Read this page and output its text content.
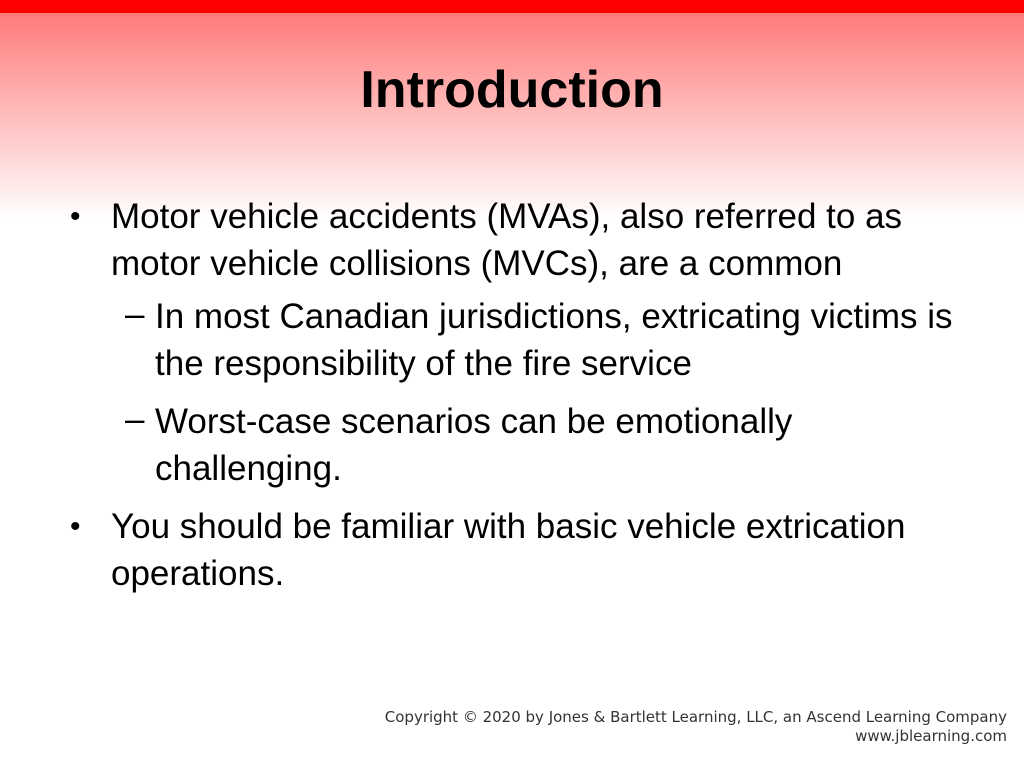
Introduction
• Motor vehicle accidents (MVAs), also referred to as motor vehicle collisions (MVCs), are a common
– In most Canadian jurisdictions, extricating victims is the responsibility of the fire service
– Worst-case scenarios can be emotionally challenging.
• You should be familiar with basic vehicle extrication operations.
Copyright © 2020 by Jones & Bartlett Learning, LLC, an Ascend Learning Company
www.jblearning.com
